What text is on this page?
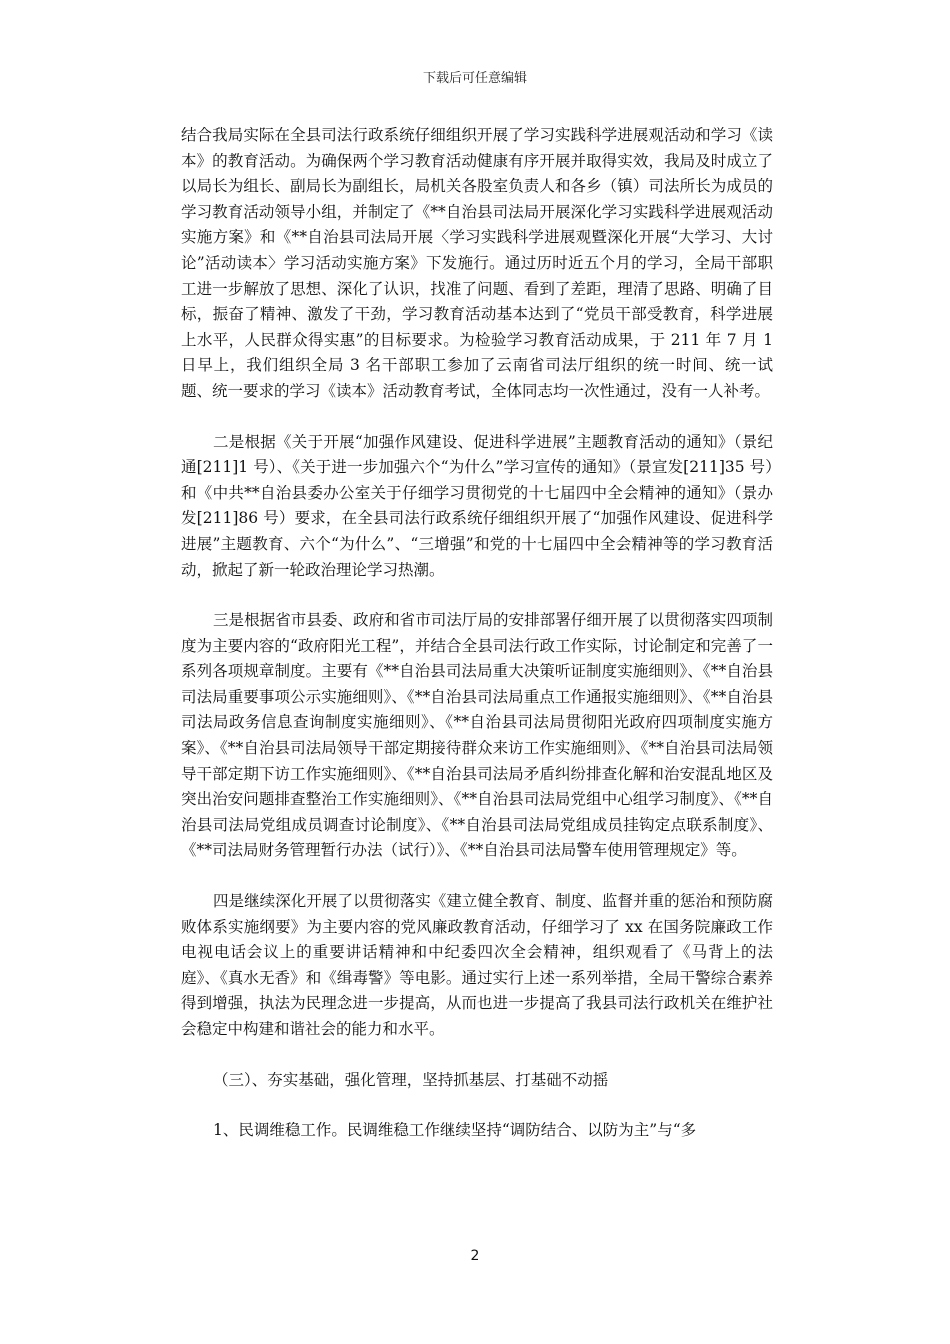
下载后可任意编辑

结合我局实际在全县司法行政系统仔细组织开展了学习实践科学进展观活动和学习《读本》的教育活动。为确保两个学习教育活动健康有序开展并取得实效，我局及时成立了以局长为组长、副局长为副组长，局机关各股室负责人和各乡（镇）司法所长为成员的学习教育活动领导小组，并制定了《**自治县司法局开展深化学习实践科学进展观活动实施方案》和《**自治县司法局开展〈学习实践科学进展观暨深化开展“大学习、大讨论”活动读本〉学习活动实施方案》下发施行。通过历时近五个月的学习，全局干部职工进一步解放了思想、深化了认识，找准了问题、看到了差距，理清了思路、明确了目标，振奋了精神、激发了干劲，学习教育活动基本达到了“党员干部受教育，科学进展上水平，人民群众得实惠”的目标要求。为检验学习教育活动成果，于 211 年 7 月 1 日早上，我们组织全局 3 名干部职工参加了云南省司法厅组织的统一时间、统一试题、统一要求的学习《读本》活动教育考试，全体同志均一次性通过，没有一人补考。

二是根据《关于开展“加强作风建设、促进科学进展”主题教育活动的通知》（景纪通[211]1 号）、《关于进一步加强六个“为什么”学习宣传的通知》（景宣发[211]35 号）和《中共**自治县委办公室关于仔细学习贯彻党的十七届四中全会精神的通知》（景办发[211]86 号）要求，在全县司法行政系统仔细组织开展了“加强作风建设、促进科学进展”主题教育、六个“为什么”、“三增强”和党的十七届四中全会精神等的学习教育活动，掀起了新一轮政治理论学习热潮。

三是根据省市县委、政府和省市司法厅局的安排部署仔细开展了以贯彻落实四项制度为主要内容的“政府阳光工程”，并结合全县司法行政工作实际，讨论制定和完善了一系列各项规章制度。主要有《**自治县司法局重大决策听证制度实施细则》、《**自治县司法局重要事项公示实施细则》、《**自治县司法局重点工作通报实施细则》、《**自治县司法局政务信息查询制度实施细则》、《**自治县司法局贯彻阳光政府四项制度实施方案》、《**自治县司法局领导干部定期接待群众来访工作实施细则》、《**自治县司法局领导干部定期下访工作实施细则》、《**自治县司法局矛盾纠纷排查化解和治安混乱地区及突出治安问题排查整治工作实施细则》、《**自治县司法局党组中心组学习制度》、《**自治县司法局党组成员调查讨论制度》、《**自治县司法局党组成员挂钩定点联系制度》、《**司法局财务管理暂行办法（试行）》、《**自治县司法局警车使用管理规定》等。

四是继续深化开展了以贯彻落实《建立健全教育、制度、监督并重的惩治和预防腐败体系实施纲要》为主要内容的党风廉政教育活动，仔细学习了 xx 在国务院廉政工作电视电话会议上的重要讲话精神和中纪委四次全会精神，组织观看了《马背上的法庭》、《真水无香》和《缉毒警》等电影。通过实行上述一系列举措，全局干警综合素养得到增强，执法为民理念进一步提高，从而也进一步提高了我县司法行政机关在维护社会稳定中构建和谐社会的能力和水平。

（三）、夯实基础，强化管理，坚持抓基层、打基础不动摇

1、民调维稳工作。民调维稳工作继续坚持“调防结合、以防为主”与“多

2
